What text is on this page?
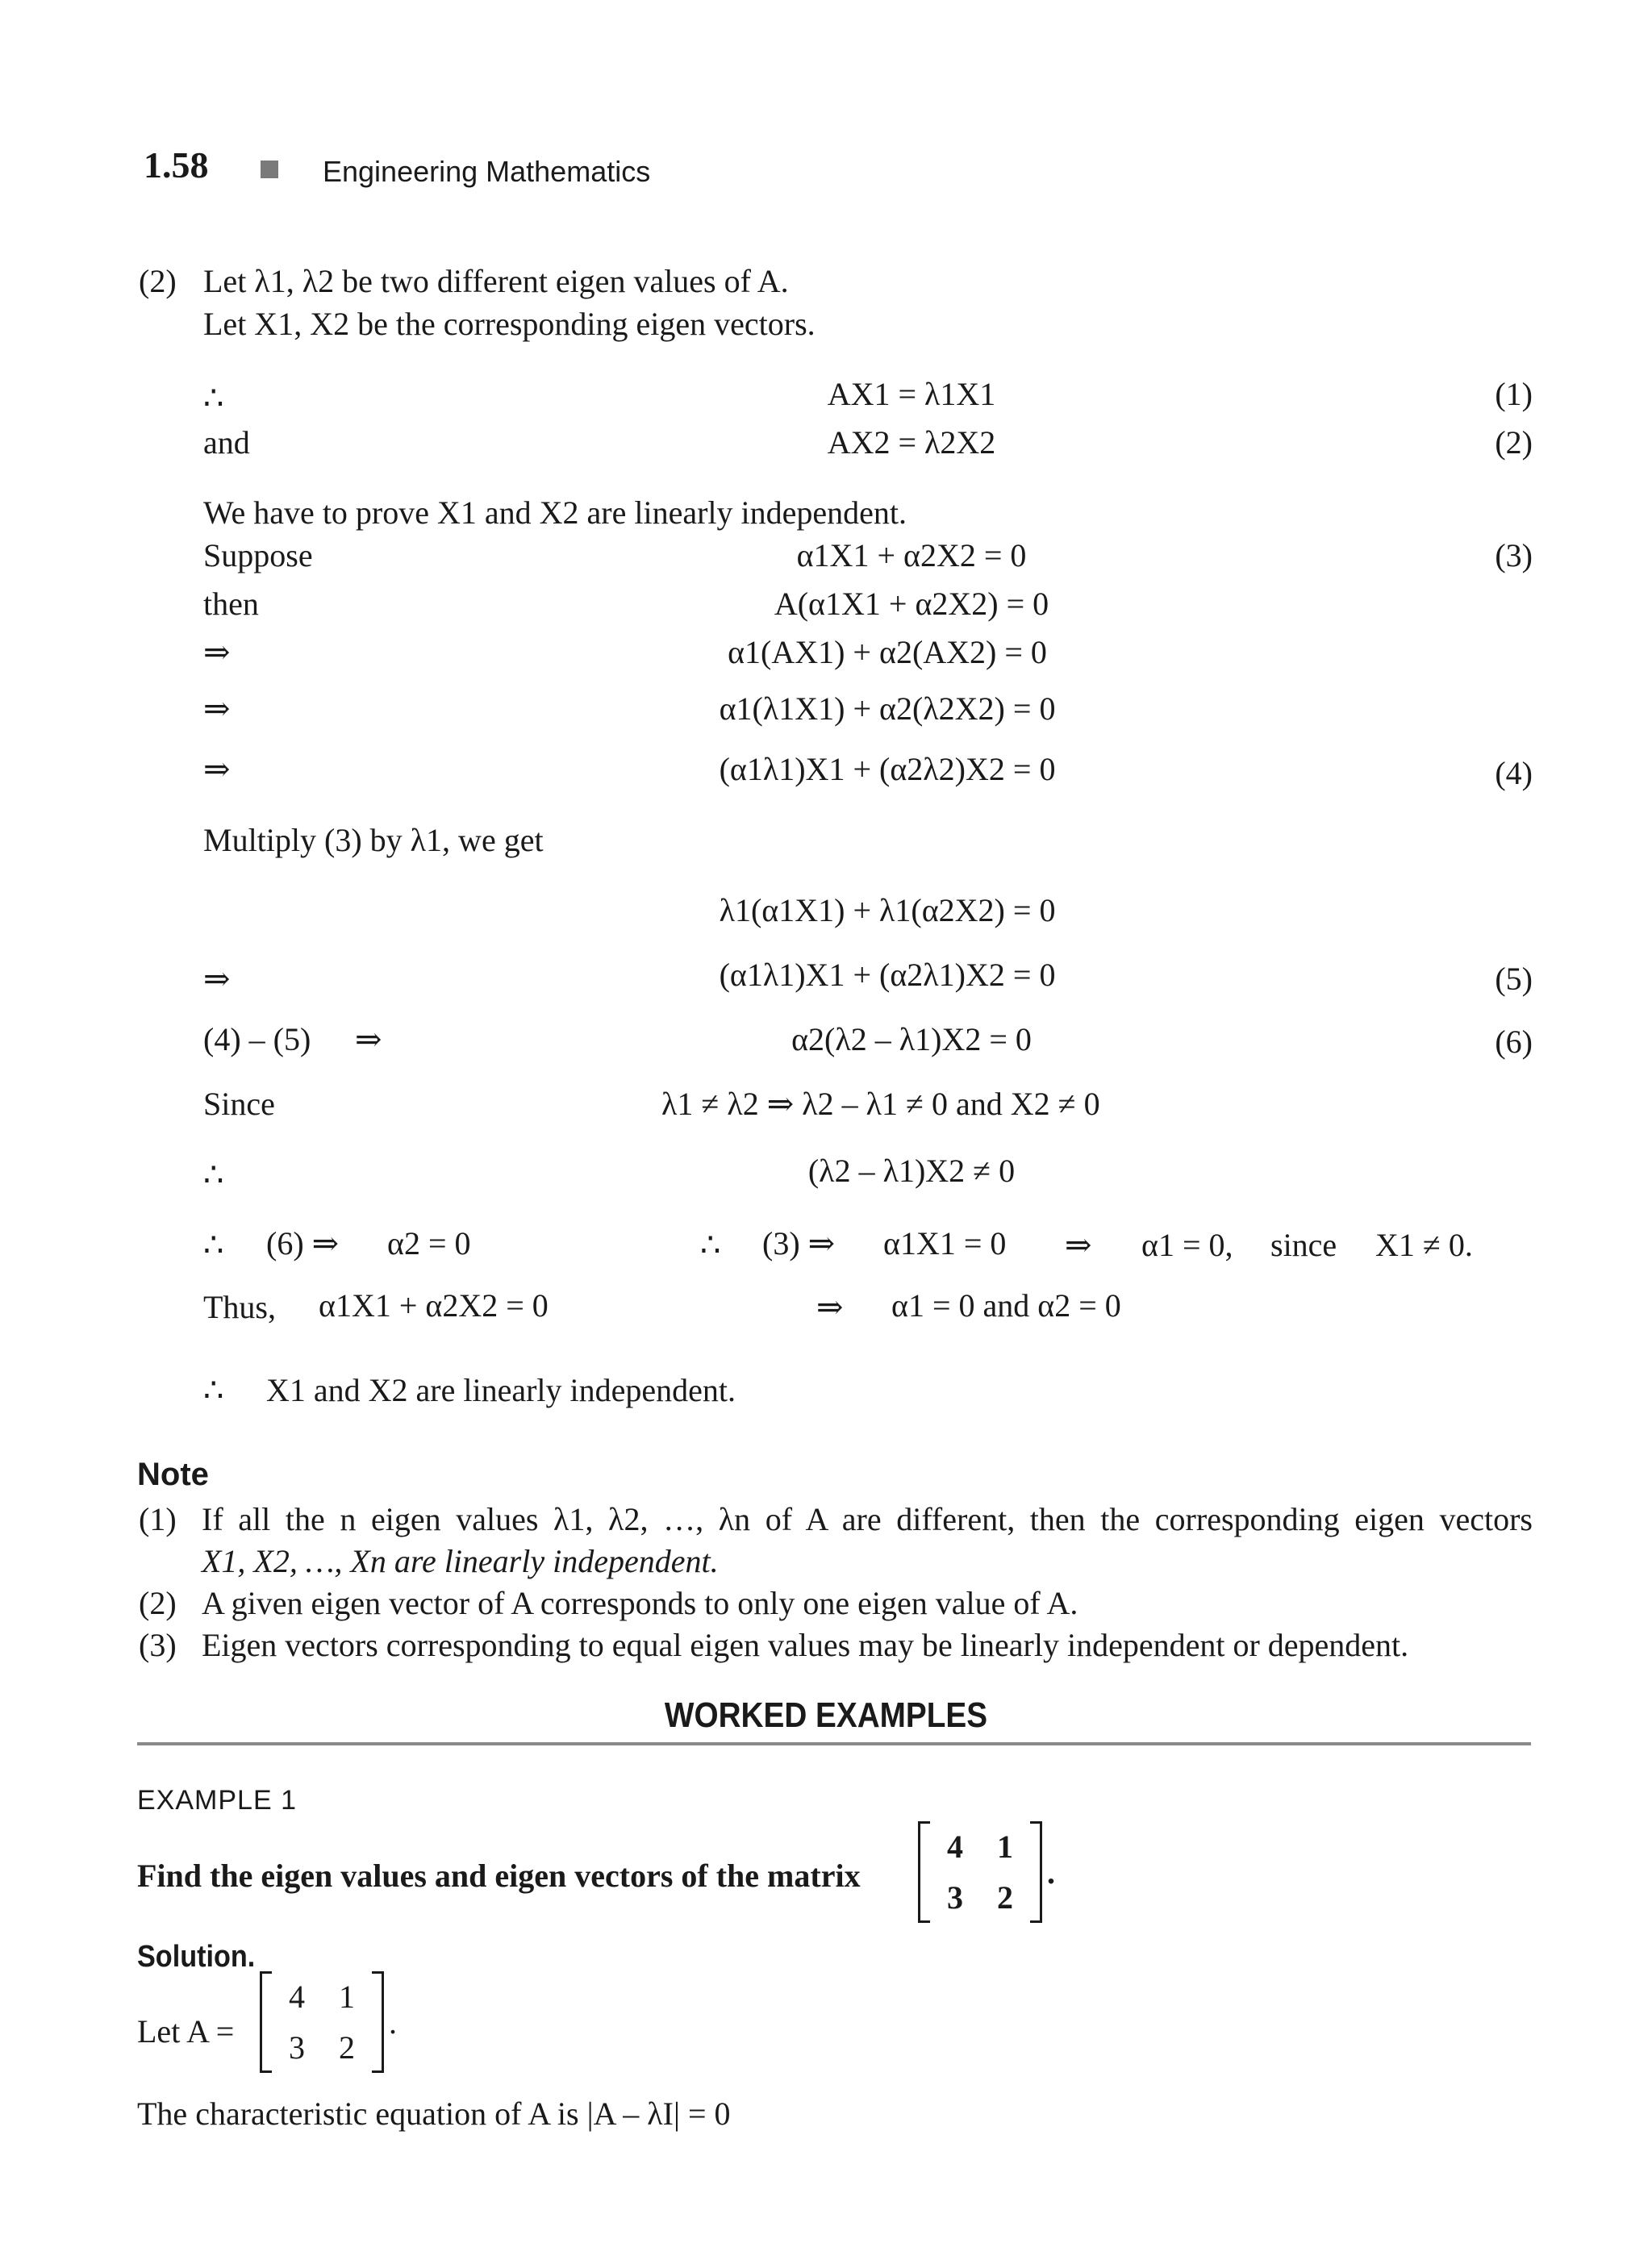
1.58	Engineering Mathematics
(2) Let λ1, λ2 be two different eigen values of A.
Let X1, X2 be the corresponding eigen vectors.
∴	AX1 = λ1X1	(1)
and	AX2 = λ2X2	(2)
We have to prove X1 and X2 are linearly independent.
Suppose	α1X1 + α2X2 = 0	(3)
then	A(α1X1 + α2X2) = 0
⇒	α1(AX1) + α2(AX2) = 0
⇒	α1(λ1X1) + α2(λ2X2) = 0
⇒	(α1λ1)X1 + (α2λ2)X2 = 0	(4)
Multiply (3) by λ1, we get
λ1(α1X1) + λ1(α2X2) = 0
⇒	(α1λ1)X1 + (α2λ1)X2 = 0	(5)
(4) – (5) ⇒	α2(λ2 – λ1)X2 = 0	(6)
Since	λ1 ≠ λ2 ⇒ λ2 – λ1 ≠ 0 and X2 ≠ 0
∴	(λ2 – λ1)X2 ≠ 0
∴ (6) ⇒ α2 = 0	∴ (3) ⇒ α1X1 = 0 ⇒ α1 = 0, since X1 ≠ 0.
Thus, α1X1 + α2X2 = 0	⇒ α1 = 0 and α2 = 0
∴ X1 and X2 are linearly independent.
Note
(1) If all the n eigen values λ1, λ2, …, λn of A are different, then the corresponding eigen vectors
X1, X2, …, Xn are linearly independent.
(2) A given eigen vector of A corresponds to only one eigen value of A.
(3) Eigen vectors corresponding to equal eigen values may be linearly independent or dependent.
WORKED EXAMPLES
EXAMPLE 1
Find the eigen values and eigen vectors of the matrix
4	1
3	2
.
Solution.
Let A =
4	1
3	2
.
The characteristic equation of A is |A – λI| = 0
